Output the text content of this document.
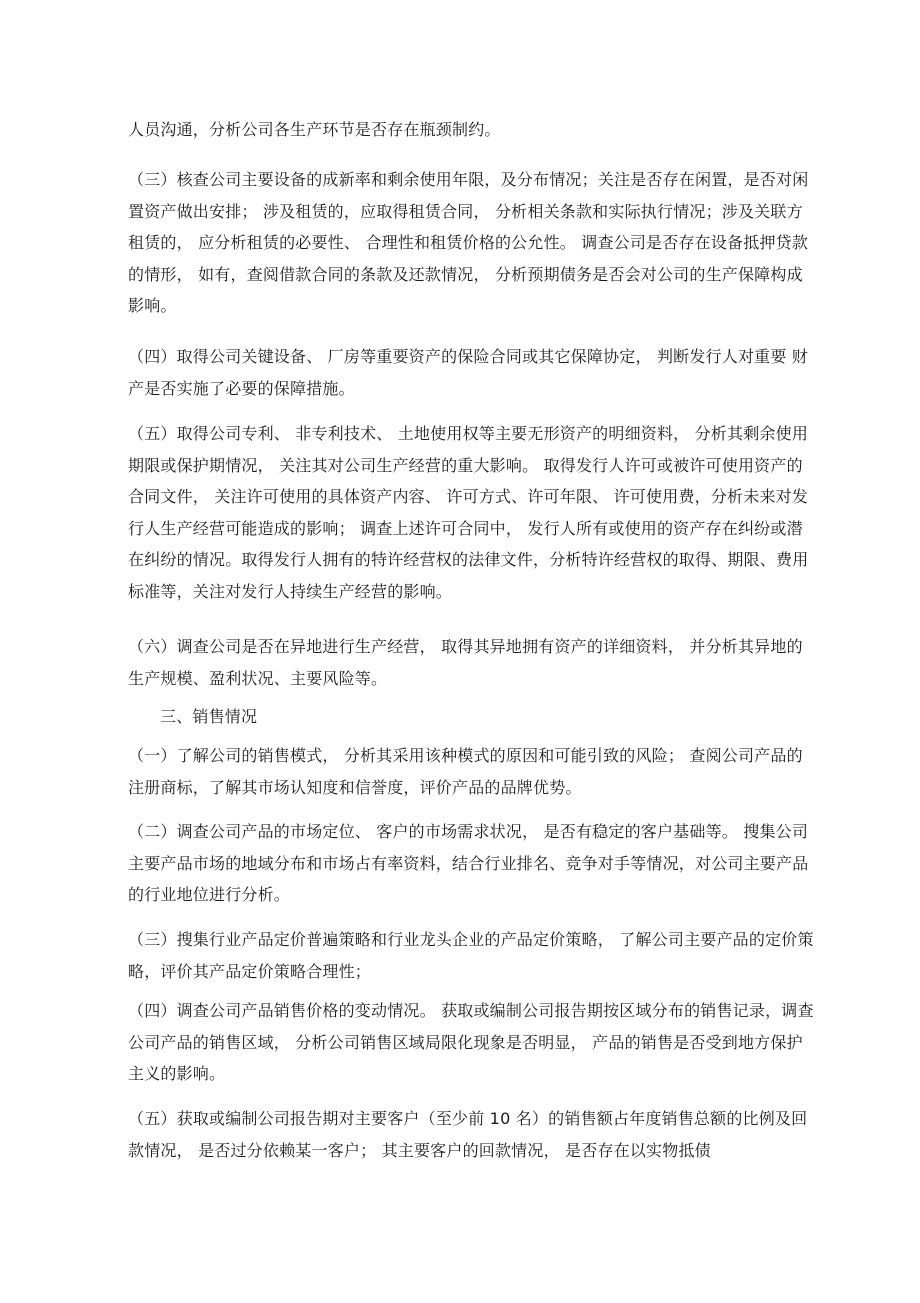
人员沟通，分析公司各生产环节是否存在瓶颈制约。

（三）核查公司主要设备的成新率和剩余使用年限，及分布情况；关注是否存在闲置，是否对闲置资产做出安排； 涉及租赁的，应取得租赁合同， 分析相关条款和实际执行情况；涉及关联方租赁的， 应分析租赁的必要性、 合理性和租赁价格的公允性。 调查公司是否存在设备抵押贷款的情形， 如有，查阅借款合同的条款及还款情况， 分析预期债务是否会对公司的生产保障构成影响。

（四）取得公司关键设备、 厂房等重要资产的保险合同或其它保障协定， 判断发行人对重要 财产是否实施了必要的保障措施。

（五）取得公司专利、 非专利技术、 土地使用权等主要无形资产的明细资料， 分析其剩余使用期限或保护期情况， 关注其对公司生产经营的重大影响。 取得发行人许可或被许可使用资产的合同文件， 关注许可使用的具体资产内容、 许可方式、许可年限、 许可使用费，分析未来对发行人生产经营可能造成的影响； 调查上述许可合同中， 发行人所有或使用的资产存在纠纷或潜在纠纷的情况。取得发行人拥有的特许经营权的法律文件，分析特许经营权的取得、期限、费用标准等，关注对发行人持续生产经营的影响。

（六）调查公司是否在异地进行生产经营， 取得其异地拥有资产的详细资料， 并分析其异地的生产规模、盈利状况、主要风险等。

三、销售情况

（一）了解公司的销售模式， 分析其采用该种模式的原因和可能引致的风险； 查阅公司产品的注册商标，了解其市场认知度和信誉度，评价产品的品牌优势。

（二）调查公司产品的市场定位、 客户的市场需求状况， 是否有稳定的客户基础等。 搜集公司主要产品市场的地域分布和市场占有率资料，结合行业排名、竞争对手等情况，对公司主要产品的行业地位进行分析。

（三）搜集行业产品定价普遍策略和行业龙头企业的产品定价策略， 了解公司主要产品的定价策略，评价其产品定价策略合理性；

（四）调查公司产品销售价格的变动情况。 获取或编制公司报告期按区域分布的销售记录，调查公司产品的销售区域， 分析公司销售区域局限化现象是否明显， 产品的销售是否受到地方保护主义的影响。

（五）获取或编制公司报告期对主要客户（至少前 10 名）的销售额占年度销售总额的比例及回款情况， 是否过分依赖某一客户； 其主要客户的回款情况， 是否存在以实物抵债
